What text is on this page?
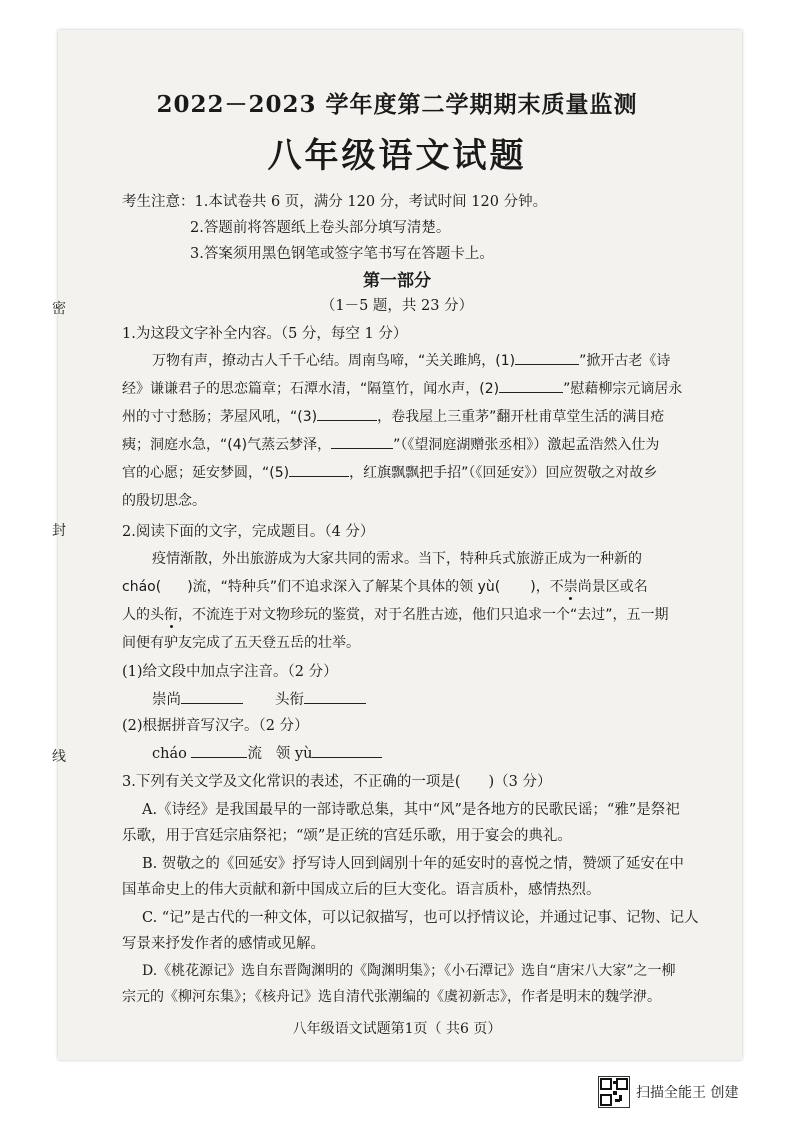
密
封
线
2022－2023 学年度第二学期期末质量监测
八年级语文试题
考生注意：1.本试卷共 6 页，满分 120 分，考试时间 120 分钟。
2.答题前将答题纸上卷头部分填写清楚。
3.答案须用黑色钢笔或签字笔书写在答题卡上。
第一部分
（1－5 题，共 23 分）
1.为这段文字补全内容。（5 分，每空 1 分）
万物有声，撩动古人千千心结。周南鸟啼，“关关雎鸠，(1)	”掀开古老《诗
经》谦谦君子的思恋篇章；石潭水清，“隔篁竹，闻水声，(2)	”慰藉柳宗元谪居永
州的寸寸愁肠；茅屋风吼，“(3)	，卷我屋上三重茅”翻开杜甫草堂生活的满目疮
痍；洞庭水急，“(4)气蒸云梦泽，	”（《望洞庭湖赠张丞相》）激起孟浩然入仕为
官的心愿；延安梦圆，“(5)	，红旗飘飘把手招”（《回延安》）回应贺敬之对故乡
的殷切思念。
2.阅读下面的文字，完成题目。（4 分）
疫情渐散，外出旅游成为大家共同的需求。当下，特种兵式旅游正成为一种新的
cháo( )流，“特种兵”们不追求深入了解某个具体的领 yù( )，不崇尚景区或名
人的头衔，不流连于对文物珍玩的鉴赏，对于名胜古迹，他们只追求一个“去过”，五一期
间便有驴友完成了五天登五岳的壮举。
(1)给文段中加点字注音。（2 分）
崇尚	头衔
(2)根据拼音写汉字。（2 分）
cháo	流 领 yù
3.下列有关文学及文化常识的表述，不正确的一项是( )（3 分）
A.《诗经》是我国最早的一部诗歌总集，其中“风”是各地方的民歌民谣；“雅”是祭祀
乐歌，用于宫廷宗庙祭祀；“颂”是正统的宫廷乐歌，用于宴会的典礼。
B. 贺敬之的《回延安》抒写诗人回到阔别十年的延安时的喜悦之情，赞颂了延安在中
国革命史上的伟大贡献和新中国成立后的巨大变化。语言质朴，感情热烈。
C. “记”是古代的一种文体，可以记叙描写，也可以抒情议论，并通过记事、记物、记人
写景来抒发作者的感情或见解。
D.《桃花源记》选自东晋陶渊明的《陶渊明集》；《小石潭记》选自“唐宋八大家”之一柳
宗元的《柳河东集》；《核舟记》选自清代张潮编的《虞初新志》，作者是明末的魏学洢。
八年级语文试题第1页（ 共6 页）
扫描全能王 创建
